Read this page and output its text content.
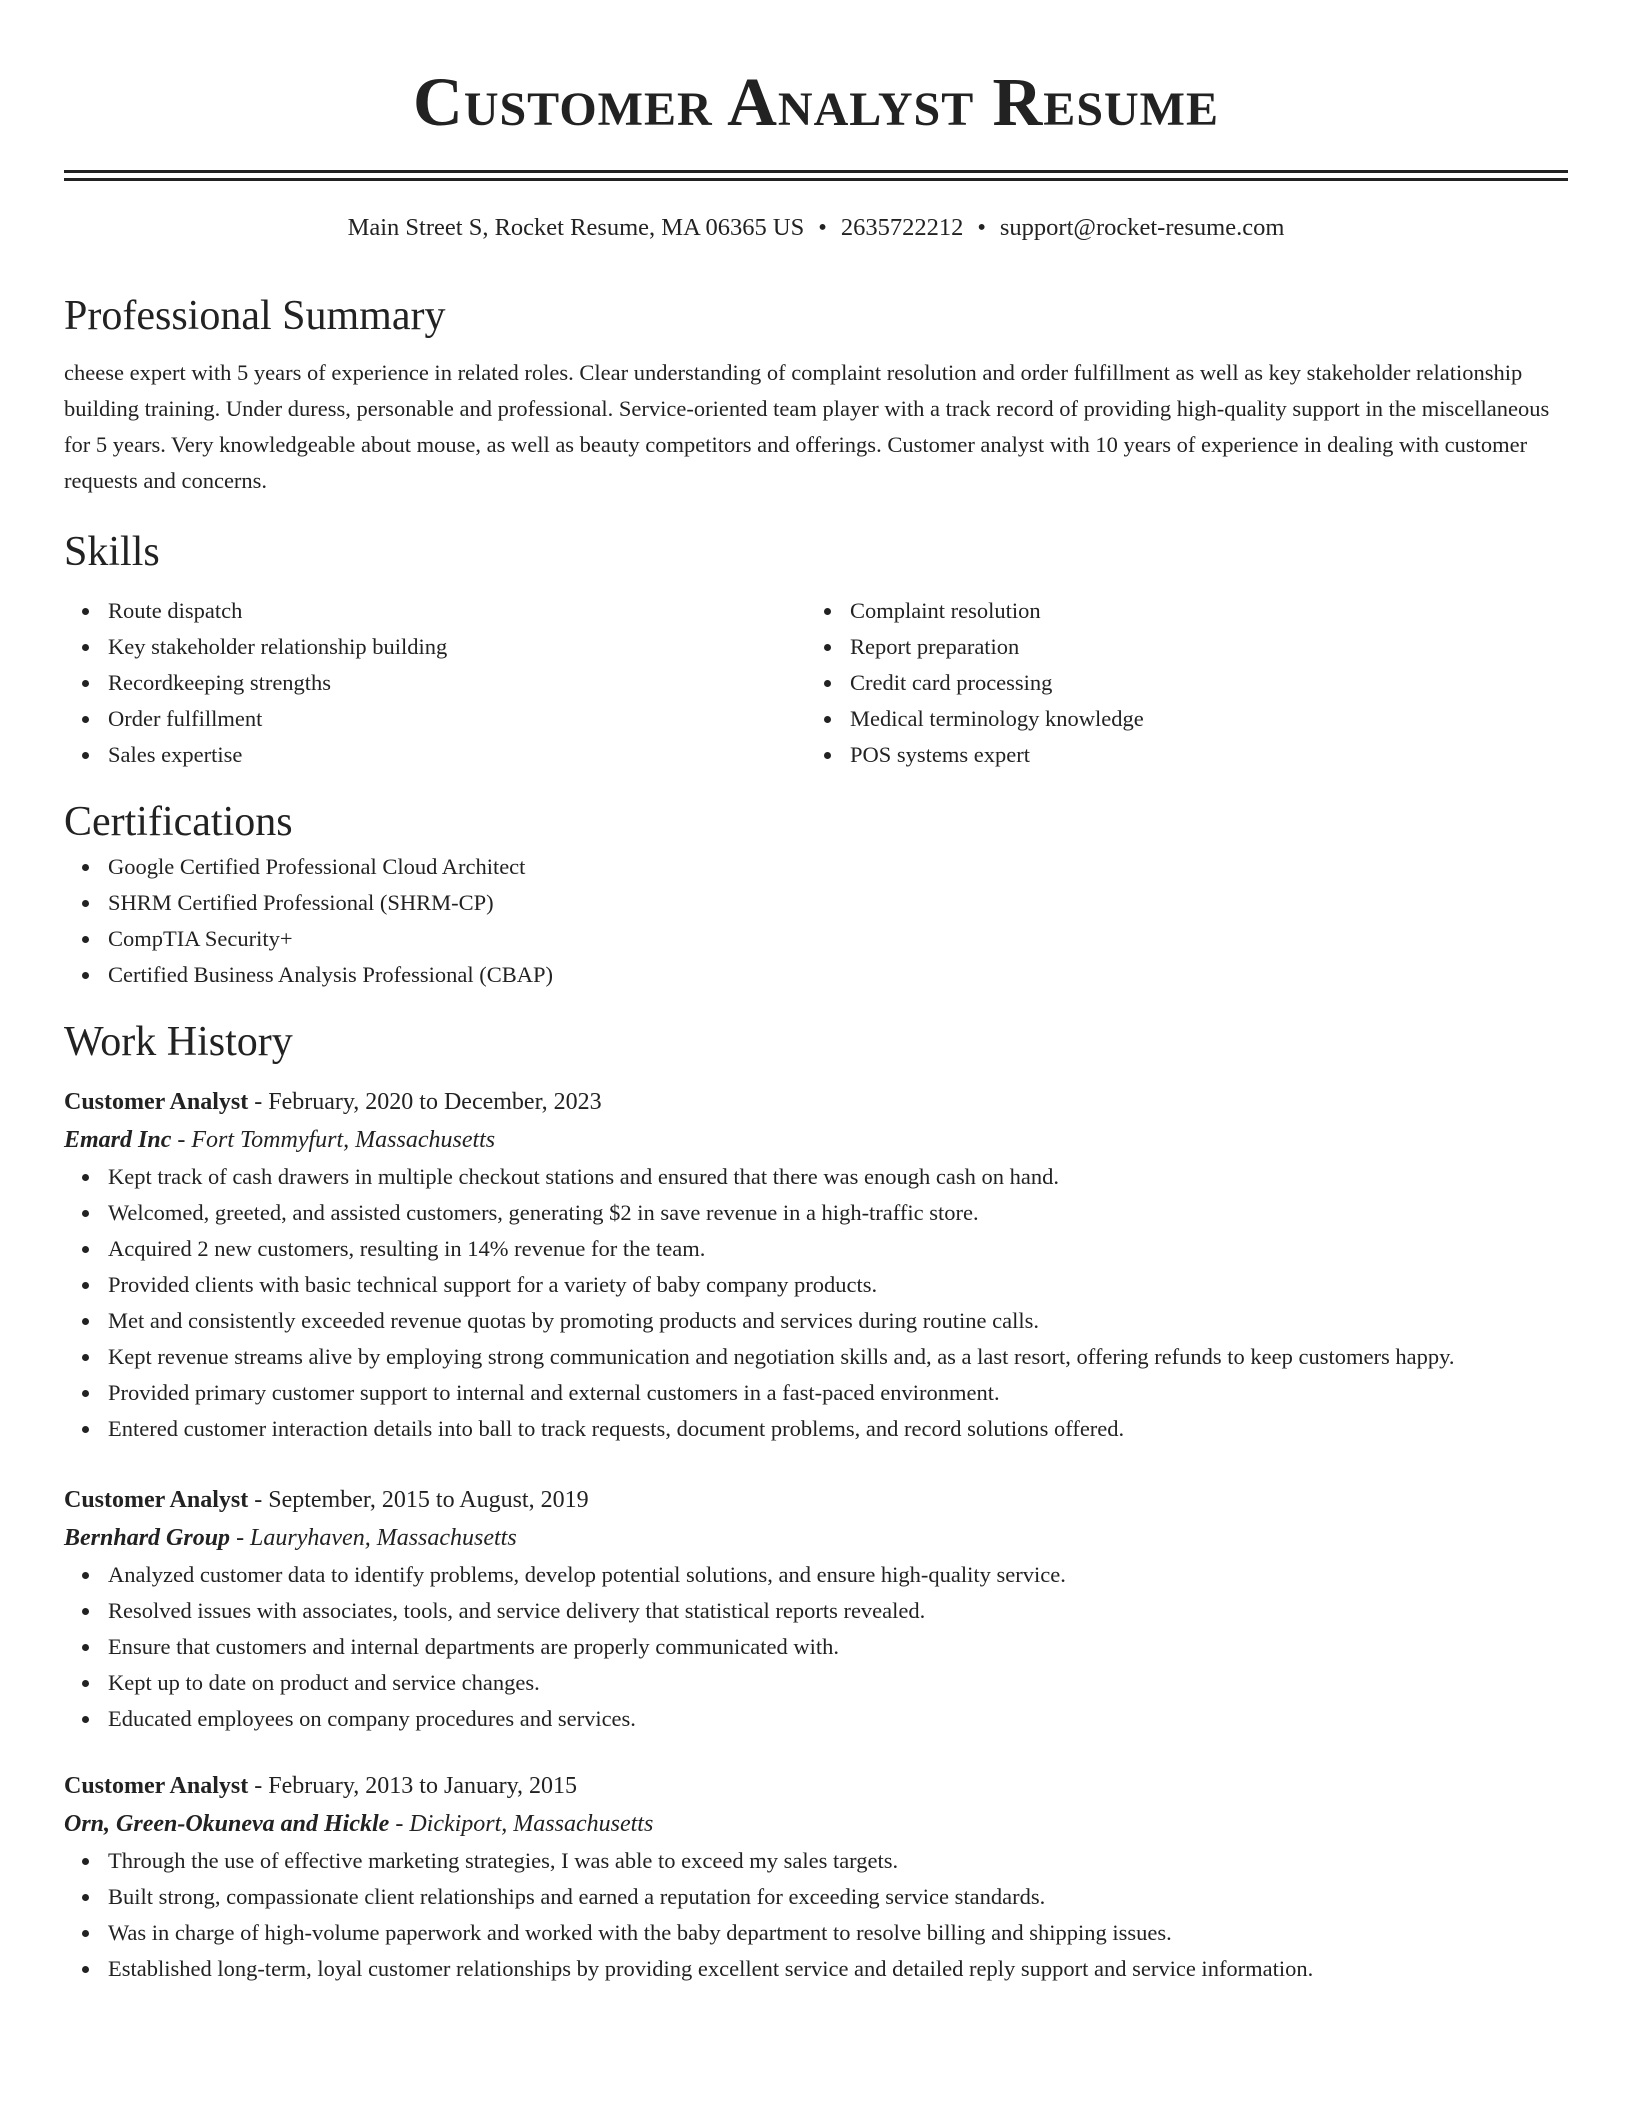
Customer Analyst Resume
Main Street S, Rocket Resume, MA 06365 US • 2635722212 • support@rocket-resume.com
Professional Summary

cheese expert with 5 years of experience in related roles. Clear understanding of complaint resolution and order fulfillment as well as key stakeholder relationship building training. Under duress, personable and professional. Service-oriented team player with a track record of providing high-quality support in the miscellaneous for 5 years. Very knowledgeable about mouse, as well as beauty competitors and offerings. Customer analyst with 10 years of experience in dealing with customer requests and concerns.

Skills
Route dispatch
Key stakeholder relationship building
Recordkeeping strengths
Order fulfillment
Sales expertise
Complaint resolution
Report preparation
Credit card processing
Medical terminology knowledge
POS systems expert
Certifications
Google Certified Professional Cloud Architect
SHRM Certified Professional (SHRM-CP)
CompTIA Security+
Certified Business Analysis Professional (CBAP)
Work History
Customer Analyst - February, 2020 to December, 2023
Emard Inc - Fort Tommyfurt, Massachusetts
Kept track of cash drawers in multiple checkout stations and ensured that there was enough cash on hand.
Welcomed, greeted, and assisted customers, generating $2 in save revenue in a high-traffic store.
Acquired 2 new customers, resulting in 14% revenue for the team.
Provided clients with basic technical support for a variety of baby company products.
Met and consistently exceeded revenue quotas by promoting products and services during routine calls.
Kept revenue streams alive by employing strong communication and negotiation skills and, as a last resort, offering refunds to keep customers happy.
Provided primary customer support to internal and external customers in a fast-paced environment.
Entered customer interaction details into ball to track requests, document problems, and record solutions offered.
Customer Analyst - September, 2015 to August, 2019
Bernhard Group - Lauryhaven, Massachusetts
Analyzed customer data to identify problems, develop potential solutions, and ensure high-quality service.
Resolved issues with associates, tools, and service delivery that statistical reports revealed.
Ensure that customers and internal departments are properly communicated with.
Kept up to date on product and service changes.
Educated employees on company procedures and services.
Customer Analyst - February, 2013 to January, 2015
Orn, Green-Okuneva and Hickle - Dickiport, Massachusetts
Through the use of effective marketing strategies, I was able to exceed my sales targets.
Built strong, compassionate client relationships and earned a reputation for exceeding service standards.
Was in charge of high-volume paperwork and worked with the baby department to resolve billing and shipping issues.
Established long-term, loyal customer relationships by providing excellent service and detailed reply support and service information.
